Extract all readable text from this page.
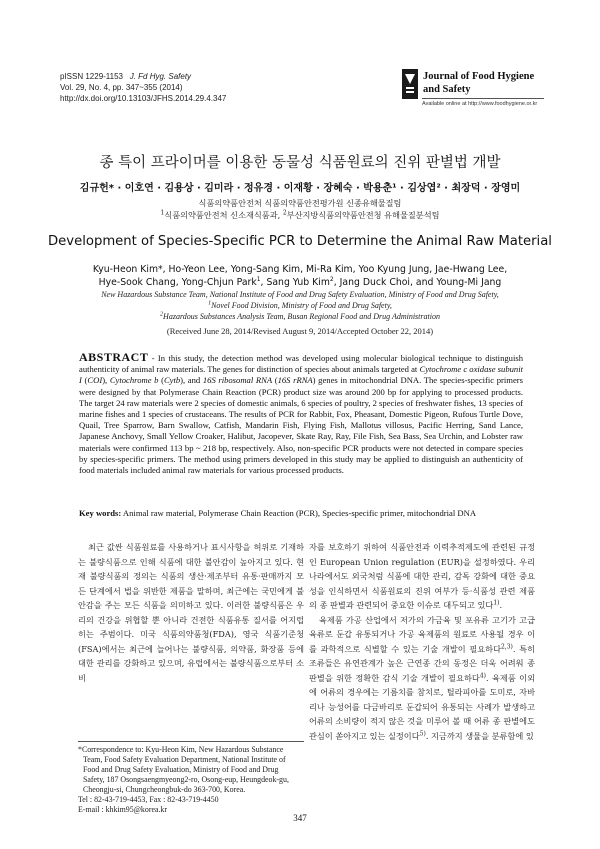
pISSN 1229-1153 J. Fd Hyg. Safety
Vol. 29, No. 4, pp. 347~355 (2014)
http://dx.doi.org/10.13103/JFHS.2014.29.4.347
Journal of Food Hygiene
and Safety
Available online at http://www.foodhygiene.or.kr
종 특이 프라이머를 이용한 동물성 식품원료의 진위 판별법 개발
김규헌* · 이호연 · 김용상 · 김미라 · 정유경 · 이재황 · 장혜숙 · 박용춘¹ · 김상엽² · 최장덕 · 장영미
식품의약품안전처 식품의약품안전평가원 신종유해물질팀
$^1$식품의약품안전처 신소재식품과, $^2$부산지방식품의약품안전청 유해물질분석팀
Development of Species-Specific PCR to Determine the Animal Raw Material
Kyu-Heon Kim*, Ho-Yeon Lee, Yong-Sang Kim, Mi-Ra Kim, Yoo Kyung Jung, Jae-Hwang Lee,
Hye-Sook Chang, Yong-Chjun Park$^1$, Sang Yub Kim$^2$, Jang Duck Choi, and Young-Mi Jang
New Hazardous Substance Team, National Institute of Food and Drug Safety Evaluation, Ministry of Food and Drug Safety,
$^1$Novel Food Division, Ministry of Food and Drug Safety,
$^2$Hazardous Substances Analysis Team, Busan Regional Food and Drug Administration
(Received June 28, 2014/Revised August 9, 2014/Accepted October 22, 2014)
ABSTRACT - In this study, the detection method was developed using molecular biological technique to distinguish authenticity of animal raw materials. The genes for distinction of species about animals targeted at Cytochrome c oxidase subunit I (COI), Cytochrome b (Cytb), and 16S ribosomal RNA (16S rRNA) genes in mitochondrial DNA. The species-specific primers were designed by that Polymerase Chain Reaction (PCR) product size was around 200 bp for applying to processed products. The target 24 raw materials were 2 species of domestic animals, 6 species of poultry, 2 species of freshwater fishes, 13 species of marine fishes and 1 species of crustaceans. The results of PCR for Rabbit, Fox, Pheasant, Domestic Pigeon, Rufous Turtle Dove, Quail, Tree Sparrow, Barn Swallow, Catfish, Mandarin Fish, Flying Fish, Mallotus villosus, Pacific Herring, Sand Lance, Japanese Anchovy, Small Yellow Croaker, Halibut, Jacopever, Skate Ray, Ray, File Fish, Sea Bass, Sea Urchin, and Lobster raw materials were confirmed 113 bp ~ 218 bp, respectively. Also, non-specific PCR products were not detected in compare species by species-specific primers. The method using primers developed in this study may be applied to distinguish an authenticity of food materials included animal raw materials for various processed products.
Key words: Animal raw material, Polymerase Chain Reaction (PCR), Species-specific primer, mitochondrial DNA

최근 값싼 식품원료를 사용하거나 표시사항을 허위로 기재하는 불량식품으로 인해 식품에 대한 불안감이 높아지고 있다. 현재 불량식품의 정의는 식품의 생산·제조부터 유통·판매까지 모든 단계에서 법을 위반한 제품을 말하며, 최근에는 국민에게 불안감을 주는 모든 식품을 의미하고 있다. 이러한 불량식품은 우리의 건강을 위협할 뿐 아니라 건전한 식품유통 질서를 어지럽히는 주범이다. 미국 식품의약품청(FDA), 영국 식품기준청(FSA)에서는 최근에 늘어나는 불량식품, 의약품, 화장품 등에 대한 관리를 강화하고 있으며, 유럽에서는 불량식품으로부터 소비

자를 보호하기 위하여 식품안전과 이력추적제도에 관련된 규정인 European Union regulation (EUR)을 설정하였다. 우리나라에서도 외국처럼 식품에 대한 관리, 감독 강화에 대한 중요성을 인식하면서 식품원료의 진위 여부가 등·식품성 관련 제품의 종 판별과 관련되어 중요한 이슈로 대두되고 있다$^{1)}$.

육제품 가공 산업에서 저가의 가금육 및 포유류 고기가 고급 육류로 둔갑 유통되거나 가공 육제품의 원료로 사용될 경우 이를 과학적으로 식별할 수 있는 기술 개발이 필요하다$^{2,3)}$. 특히 조류들은 유연관계가 높은 근연종 간의 동정은 더욱 어려워 종 판별을 위한 정확한 감식 기술 개발이 필요하다$^{4)}$. 육제품 이외에 어류의 경우에는 기름치를 참치로, 틸라피아를 도미로, 자바리나 능성어를 다금바리로 둔갑되어 유통되는 사례가 발생하고 어류의 소비량이 적지 않은 것을 미루어 볼 때 어류 종 판별에도 관심이 쏟아지고 있는 실정이다$^{5)}$. 지금까지 생물을 분류함에 있

*Correspondence to: Kyu-Heon Kim, New Hazardous Substance
Team, Food Safety Evaluation Department, National Institute of
Food and Drug Safety Evaluation, Ministry of Food and Drug
Safety, 187 Osongsaengmyeong2-ro, Osong-eup, Heungdeok-gu,
Cheongju-si, Chungcheongbuk-do 363-700, Korea.
Tel : 82-43-719-4453, Fax : 82-43-719-4450
E-mail : khkim95@korea.kr
347
